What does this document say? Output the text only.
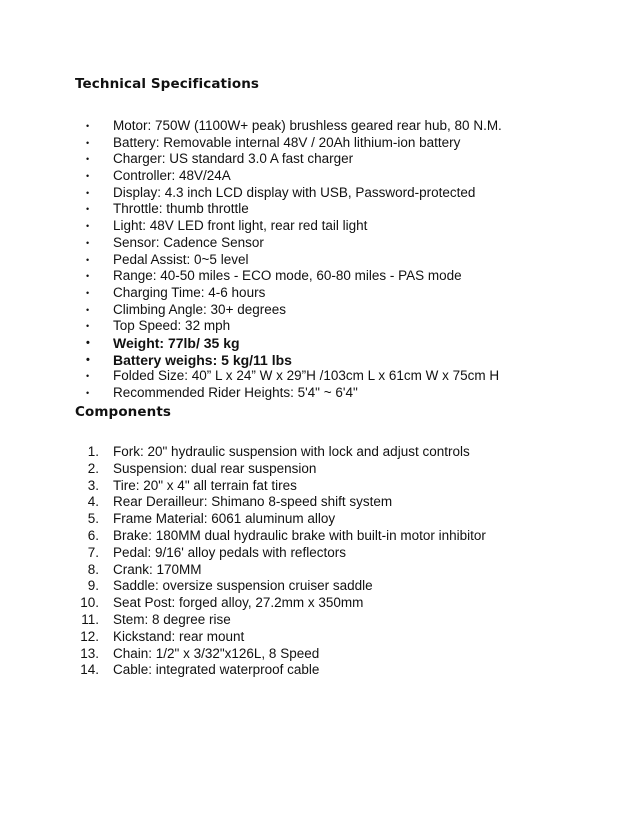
Technical Specifications
• Motor: 750W (1100W+ peak) brushless geared rear hub, 80 N.M.
• Battery: Removable internal 48V / 20Ah lithium-ion battery
• Charger: US standard 3.0 A fast charger
• Controller: 48V/24A
• Display: 4.3 inch LCD display with USB, Password-protected
• Throttle: thumb throttle
• Light: 48V LED front light, rear red tail light
• Sensor: Cadence Sensor
• Pedal Assist: 0~5 level
• Range: 40-50 miles - ECO mode, 60-80 miles - PAS mode
• Charging Time: 4-6 hours
• Climbing Angle: 30+ degrees
• Top Speed: 32 mph
• Weight: 77lb/ 35 kg
• Battery weighs: 5 kg/11 lbs
• Folded Size: 40” L x 24” W x 29”H /103cm L x 61cm W x 75cm H
• Recommended Rider Heights: 5'4" ~ 6'4"
Components
1. Fork: 20" hydraulic suspension with lock and adjust controls
2. Suspension: dual rear suspension
3. Tire: 20" x 4" all terrain fat tires
4. Rear Derailleur: Shimano 8-speed shift system
5. Frame Material: 6061 aluminum alloy
6. Brake: 180MM dual hydraulic brake with built-in motor inhibitor
7. Pedal: 9/16' alloy pedals with reflectors
8. Crank: 170MM
9. Saddle: oversize suspension cruiser saddle
10. Seat Post: forged alloy, 27.2mm x 350mm
11. Stem: 8 degree rise
12. Kickstand: rear mount
13. Chain: 1/2" x 3/32"x126L, 8 Speed
14. Cable: integrated waterproof cable
